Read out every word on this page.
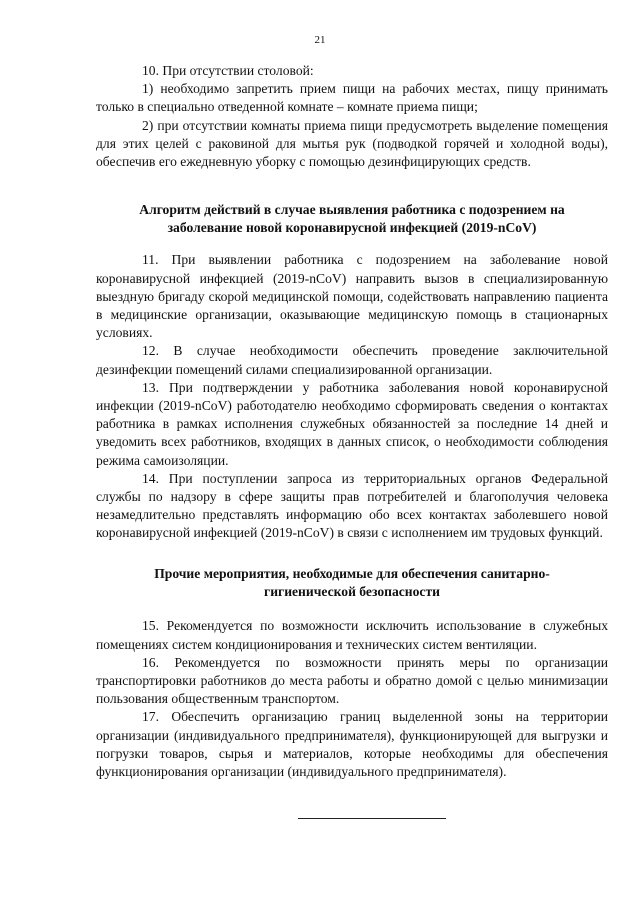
21

10. При отсутствии столовой:

1) необходимо запретить прием пищи на рабочих местах, пищу принимать только в специально отведенной комнате – комнате приема пищи;

2) при отсутствии комнаты приема пищи предусмотреть выделение помещения для этих целей с раковиной для мытья рук (подводкой горячей и холодной воды), обеспечив его ежедневную уборку с помощью дезинфицирующих средств.

Алгоритм действий в случае выявления работника с подозрением на заболевание новой коронавирусной инфекцией (2019-nCoV)

11. При выявлении работника с подозрением на заболевание новой коронавирусной инфекцией (2019-nCoV) направить вызов в специализированную выездную бригаду скорой медицинской помощи, содействовать направлению пациента в медицинские организации, оказывающие медицинскую помощь в стационарных условиях.

12. В случае необходимости обеспечить проведение заключительной дезинфекции помещений силами специализированной организации.

13. При подтверждении у работника заболевания новой коронавирусной инфекции (2019-nCoV) работодателю необходимо сформировать сведения о контактах работника в рамках исполнения служебных обязанностей за последние 14 дней и уведомить всех работников, входящих в данных список, о необходимости соблюдения режима самоизоляции.

14. При поступлении запроса из территориальных органов Федеральной службы по надзору в сфере защиты прав потребителей и благополучия человека незамедлительно представлять информацию обо всех контактах заболевшего новой коронавирусной инфекцией (2019-nCoV) в связи с исполнением им трудовых функций.

Прочие мероприятия, необходимые для обеспечения санитарно-гигиенической безопасности

15. Рекомендуется по возможности исключить использование в служебных помещениях систем кондиционирования и технических систем вентиляции.

16. Рекомендуется по возможности принять меры по организации транспортировки работников до места работы и обратно домой с целью минимизации пользования общественным транспортом.

17. Обеспечить организацию границ выделенной зоны на территории организации (индивидуального предпринимателя), функционирующей для выгрузки и погрузки товаров, сырья и материалов, которые необходимы для обеспечения функционирования организации (индивидуального предпринимателя).
